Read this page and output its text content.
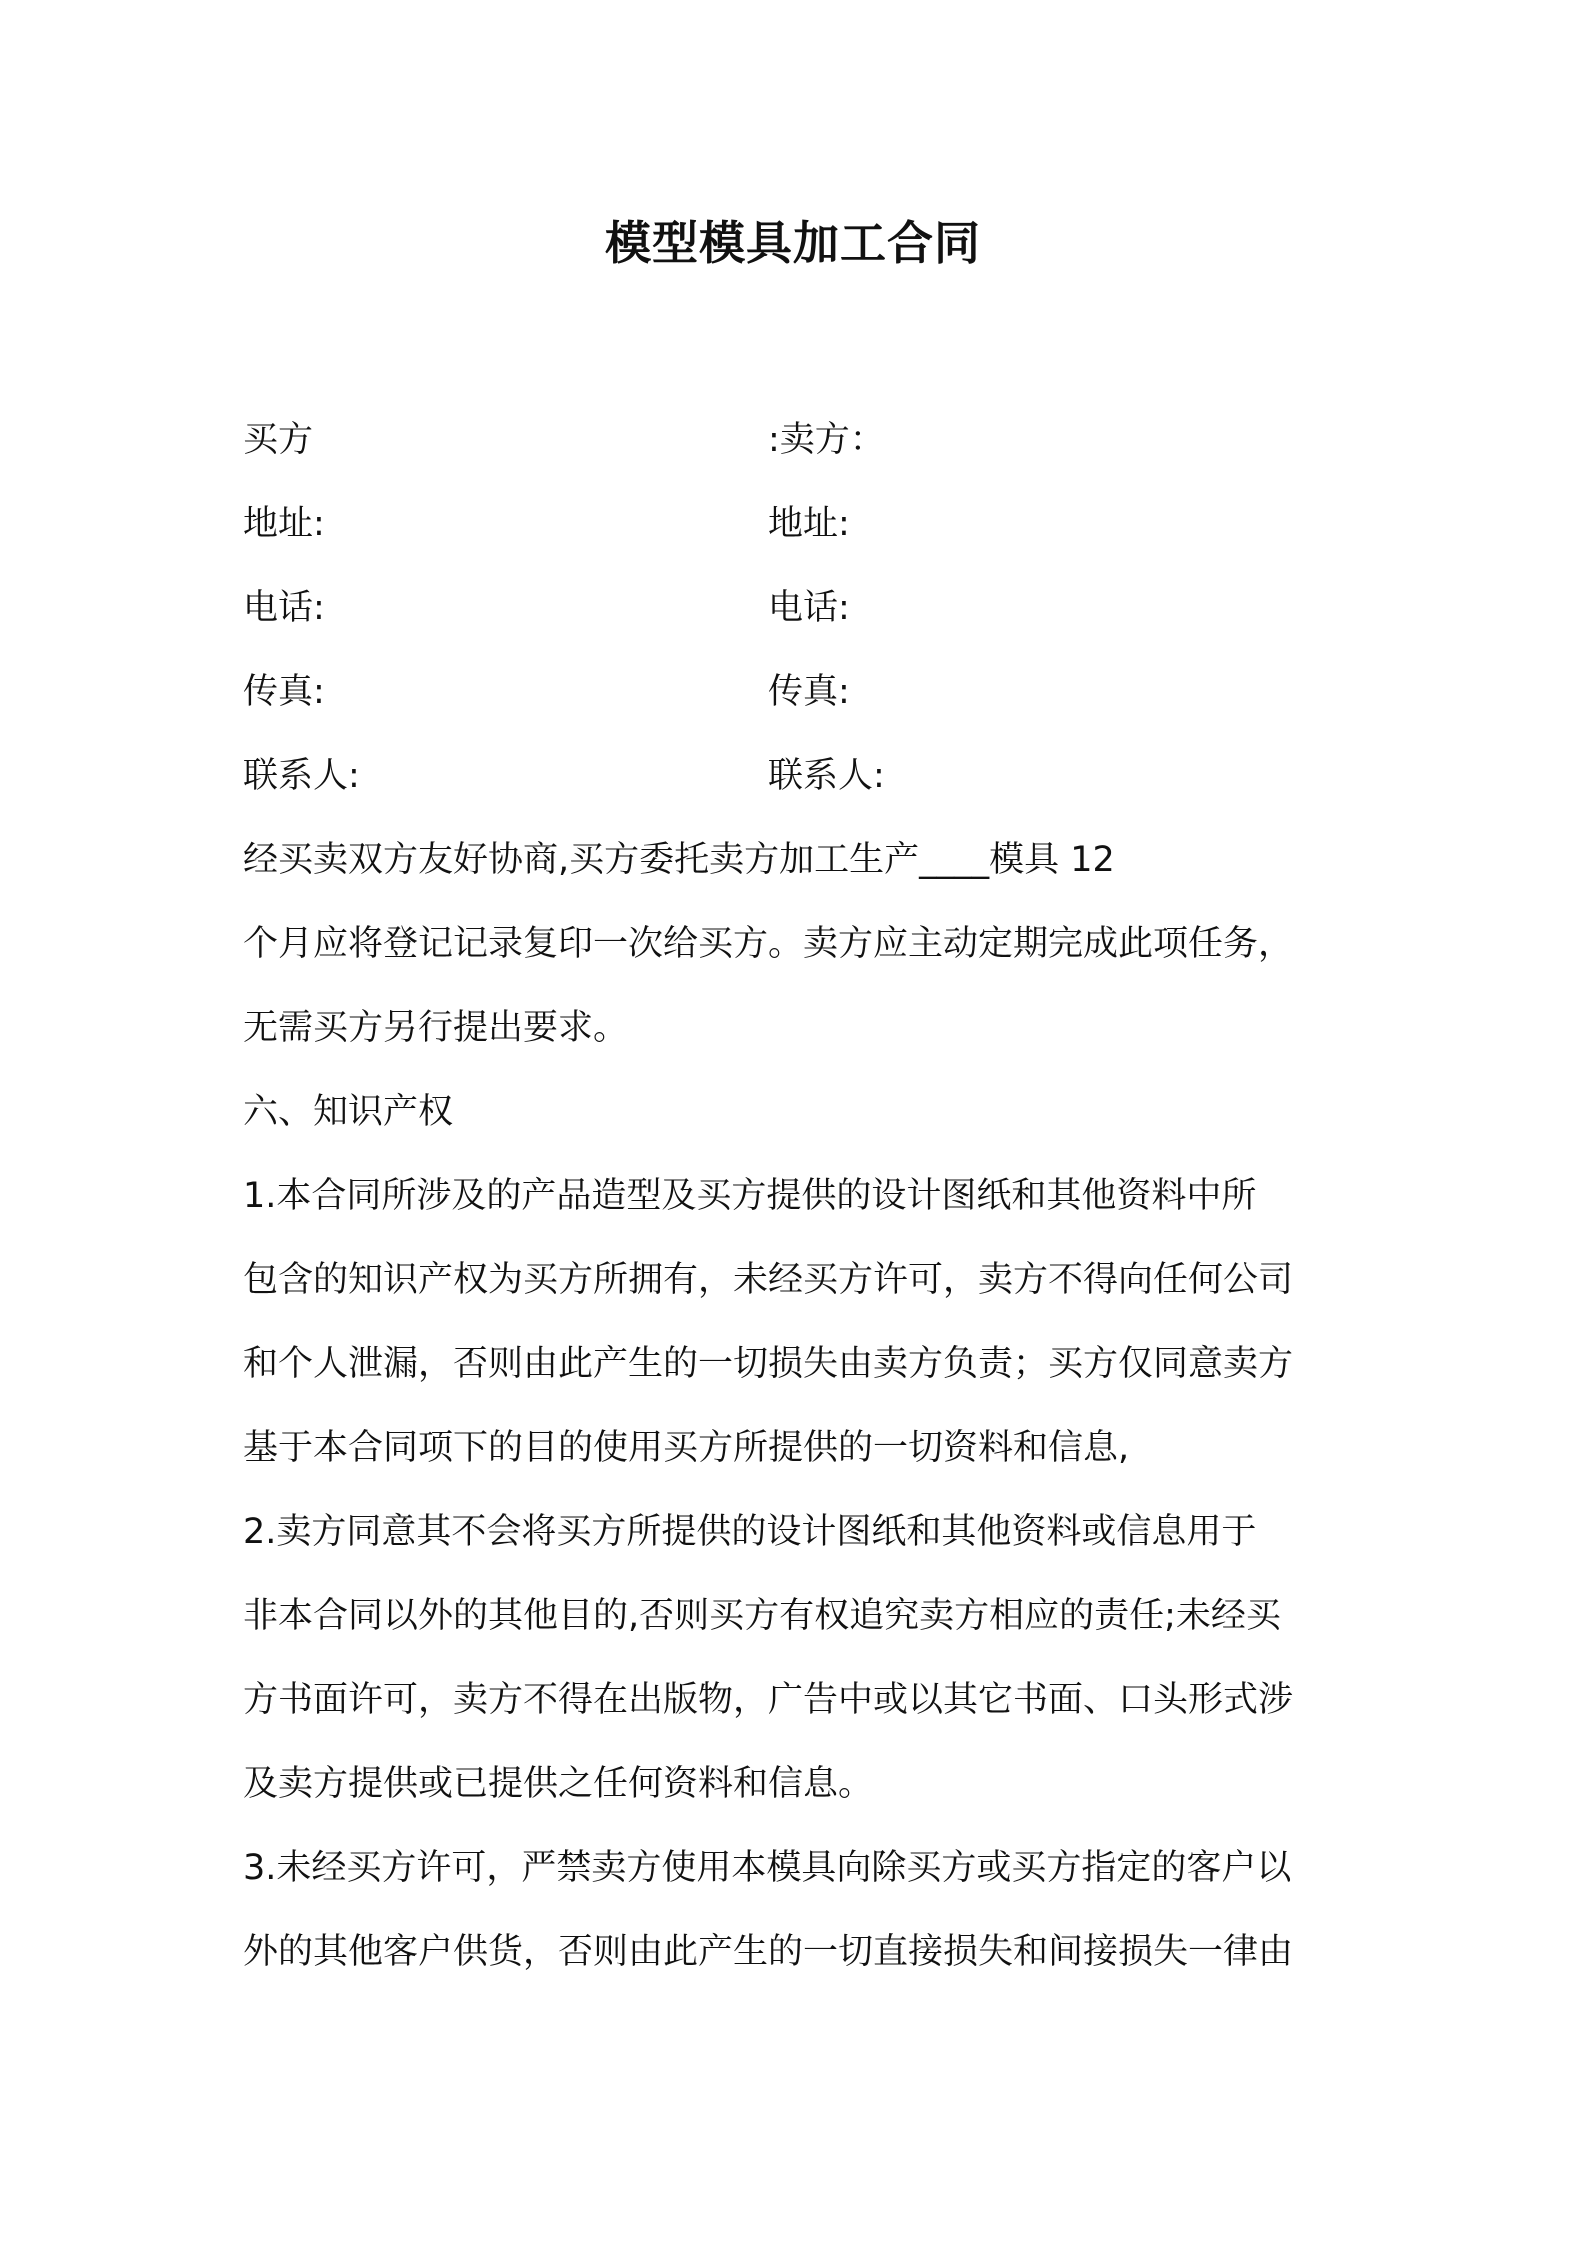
模型模具加工合同
买方	:卖方：
地址:	地址:
电话:	电话:
传真:	传真:
联系人:	联系人:
经买卖双方友好协商,买方委托卖方加工生产____模具 12
个月应将登记记录复印一次给买方。卖方应主动定期完成此项任务，
无需买方另行提出要求。
六、知识产权
1.本合同所涉及的产品造型及买方提供的设计图纸和其他资料中所
包含的知识产权为买方所拥有，未经买方许可，卖方不得向任何公司
和个人泄漏，否则由此产生的一切损失由卖方负责；买方仅同意卖方
基于本合同项下的目的使用买方所提供的一切资料和信息,
2.卖方同意其不会将买方所提供的设计图纸和其他资料或信息用于
非本合同以外的其他目的,否则买方有权追究卖方相应的责任;未经买
方书面许可，卖方不得在出版物，广告中或以其它书面、口头形式涉
及卖方提供或已提供之任何资料和信息。
3.未经买方许可，严禁卖方使用本模具向除买方或买方指定的客户以
外的其他客户供货，否则由此产生的一切直接损失和间接损失一律由
